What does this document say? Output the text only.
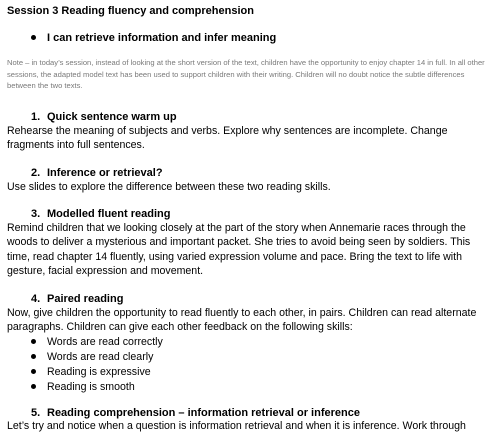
Session 3 Reading fluency and comprehension
I can retrieve information and infer meaning
Note – in today’s session, instead of looking at the short version of the text, children have the opportunity to enjoy chapter 14 in full. In all other sessions, the adapted model text has been used to support children with their writing. Children will no doubt notice the subtle differences between the two texts.
1. Quick sentence warm up
Rehearse the meaning of subjects and verbs. Explore why sentences are incomplete. Change fragments into full sentences.
2. Inference or retrieval?
Use slides to explore the difference between these two reading skills.
3. Modelled fluent reading
Remind children that we looking closely at the part of the story when Annemarie races through the woods to deliver a mysterious and important packet. She tries to avoid being seen by soldiers. This time, read chapter 14 fluently, using varied expression volume and pace. Bring the text to life with gesture, facial expression and movement.
4. Paired reading
Now, give children the opportunity to read fluently to each other, in pairs. Children can read alternate paragraphs. Children can give each other feedback on the following skills:
Words are read correctly
Words are read clearly
Reading is expressive
Reading is smooth
5. Reading comprehension – information retrieval or inference
Let’s try and notice when a question is information retrieval and when it is inference. Work through
